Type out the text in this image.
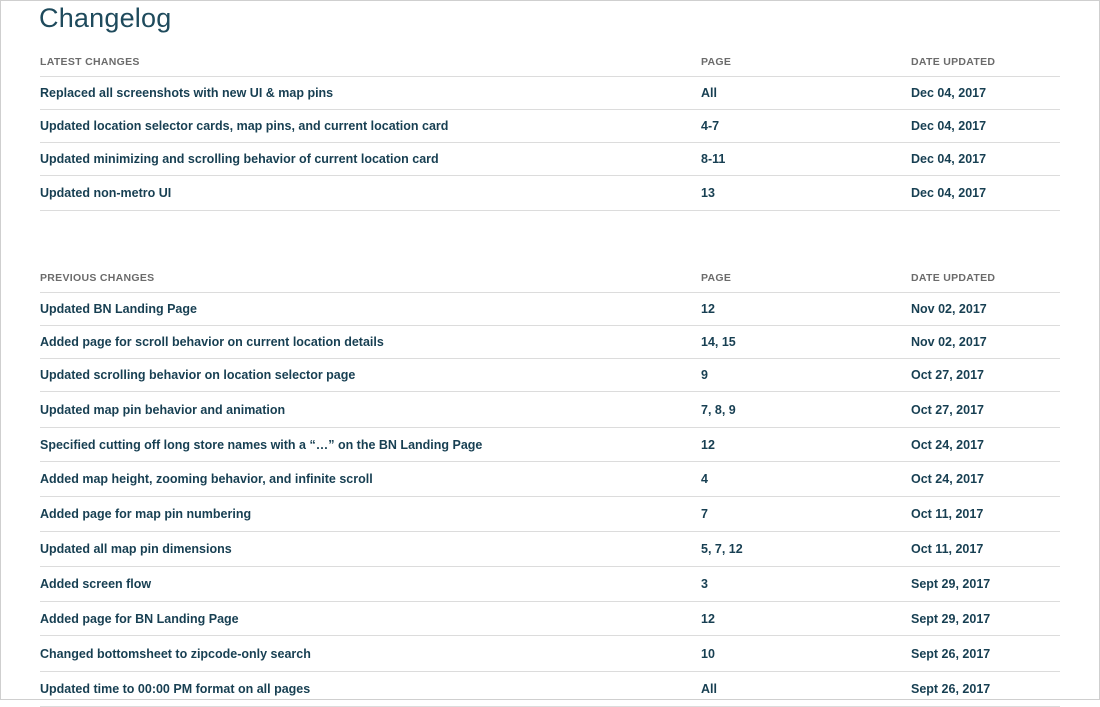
Changelog
LATEST CHANGES	PAGE	DATE UPDATED
Replaced all screenshots with new UI & map pins	All	Dec 04, 2017
Updated location selector cards, map pins, and current location card	4-7	Dec 04, 2017
Updated minimizing and scrolling behavior of current location card	8-11	Dec 04, 2017
Updated non-metro UI	13	Dec 04, 2017
PREVIOUS CHANGES	PAGE	DATE UPDATED
Updated BN Landing Page	12	Nov 02, 2017
Added page for scroll behavior on current location details	14, 15	Nov 02, 2017
Updated scrolling behavior on location selector page	9	Oct 27, 2017
Updated map pin behavior and animation	7, 8, 9	Oct 27, 2017
Specified cutting off long store names with a “…” on the BN Landing Page	12	Oct 24, 2017
Added map height, zooming behavior, and infinite scroll	4	Oct 24, 2017
Added page for map pin numbering	7	Oct 11, 2017
Updated all map pin dimensions	5, 7, 12	Oct 11, 2017
Added screen flow	3	Sept 29, 2017
Added page for BN Landing Page	12	Sept 29, 2017
Changed bottomsheet to zipcode-only search	10	Sept 26, 2017
Updated time to 00:00 PM format on all pages	All	Sept 26, 2017
